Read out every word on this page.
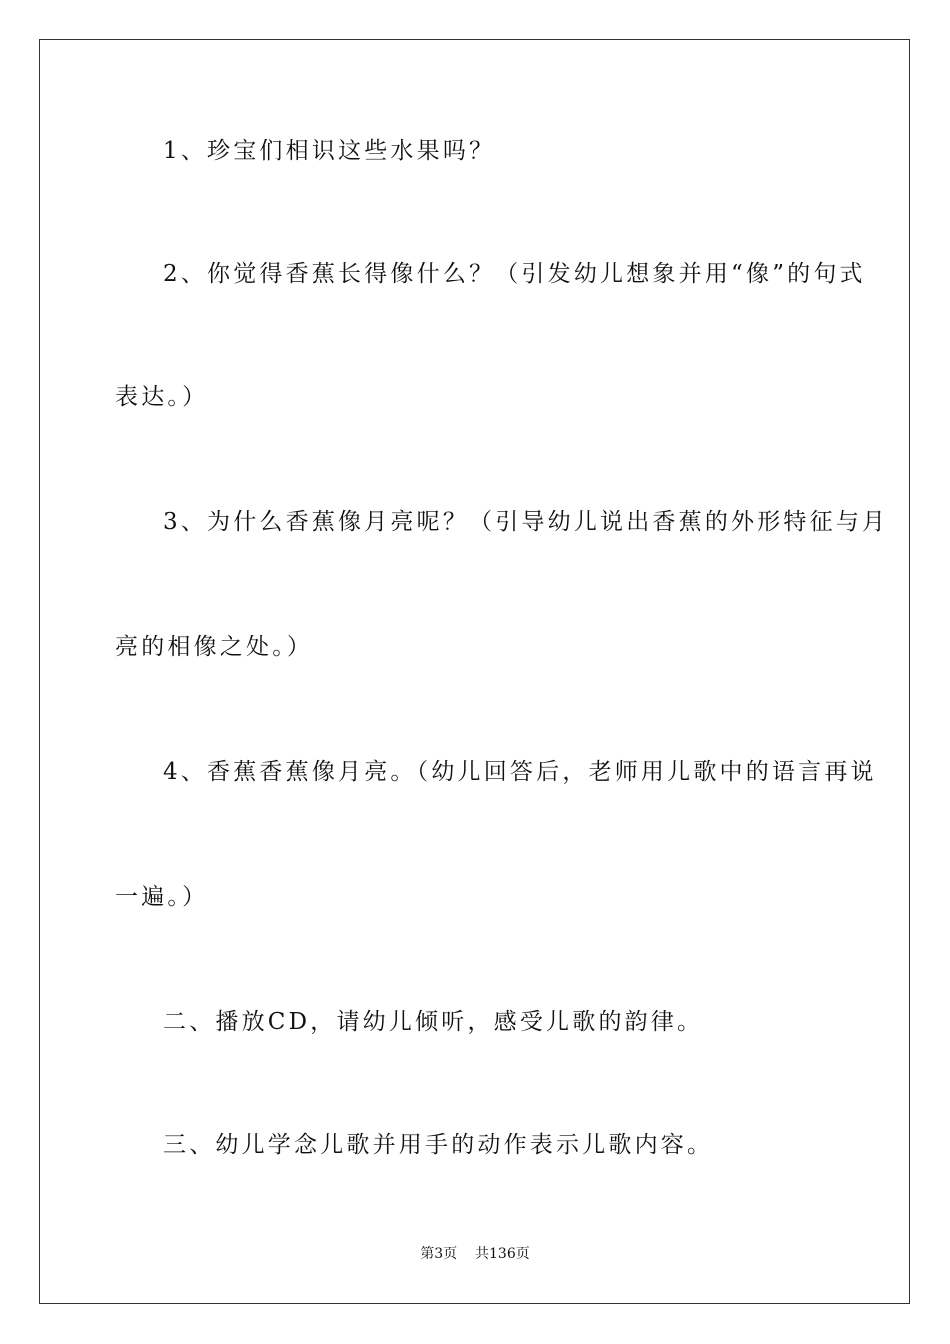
1、珍宝们相识这些水果吗？
2、你觉得香蕉长得像什么？（引发幼儿想象并用“像”的句式
表达。）
3、为什么香蕉像月亮呢？（引导幼儿说出香蕉的外形特征与月
亮的相像之处。）
4、香蕉香蕉像月亮。（幼儿回答后，老师用儿歌中的语言再说
一遍。）
二、播放CD，请幼儿倾听，感受儿歌的韵律。
三、幼儿学念儿歌并用手的动作表示儿歌内容。
第3页 共136页
